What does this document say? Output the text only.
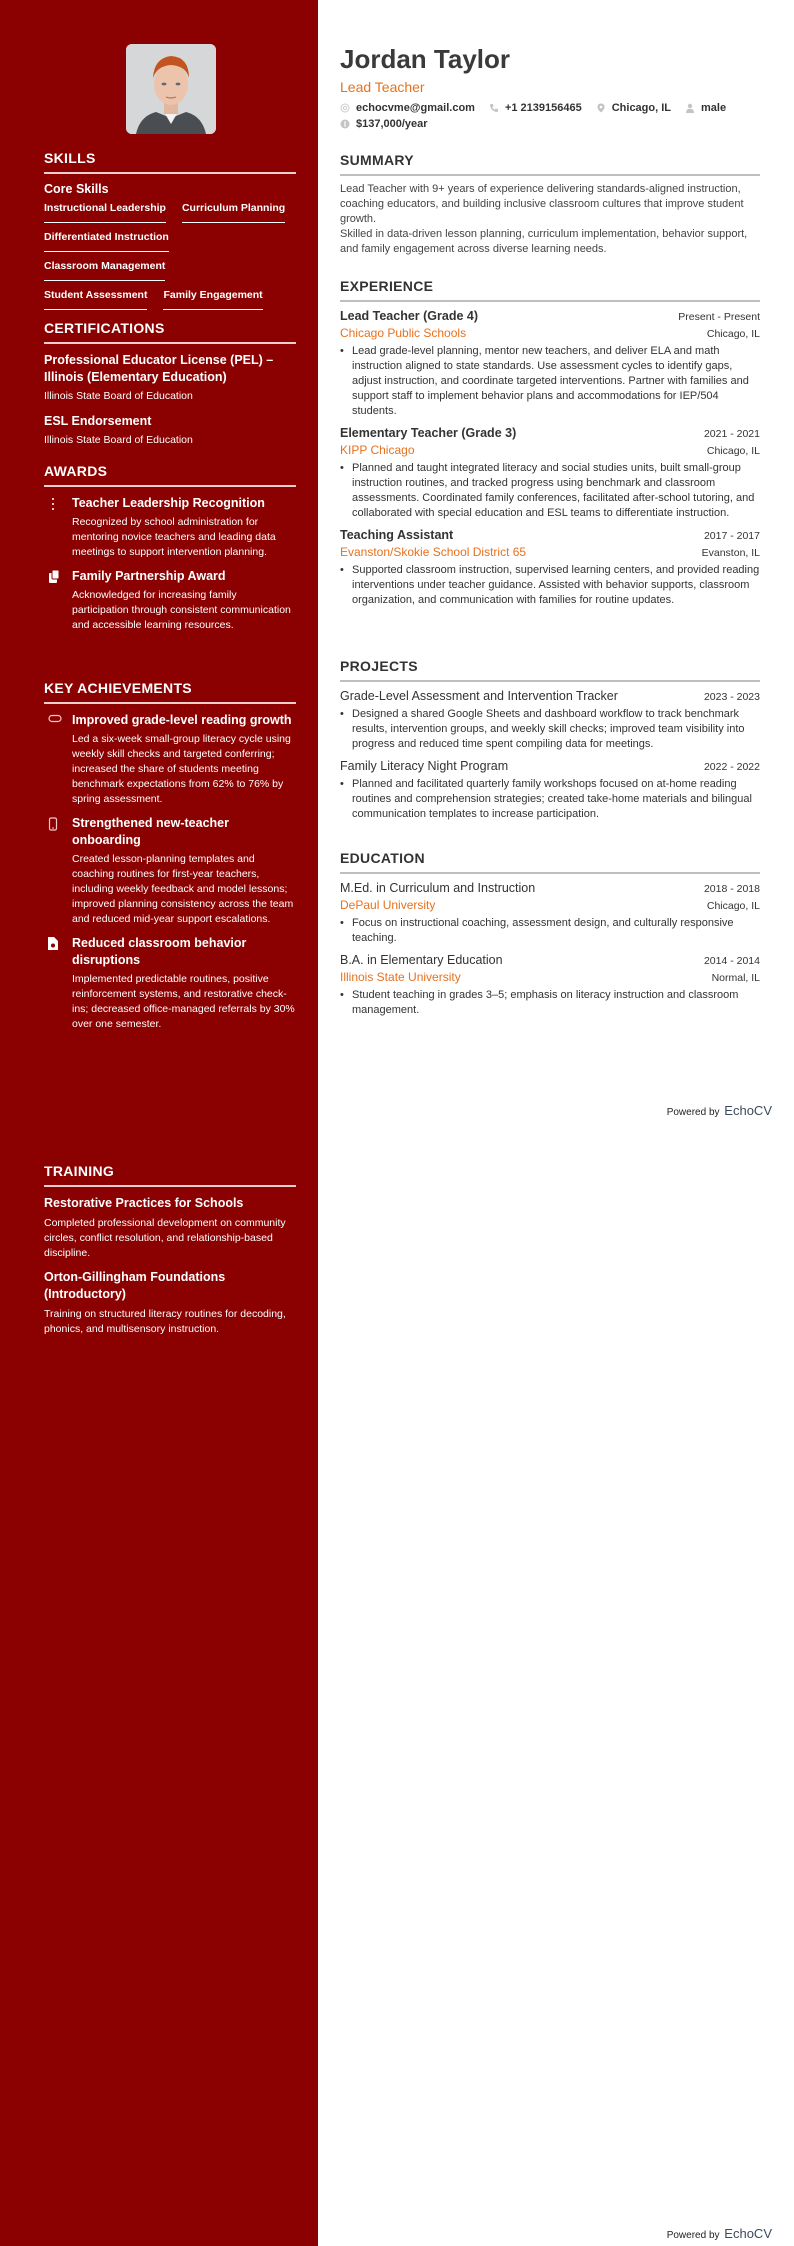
SKILLS
Core Skills
Instructional Leadership Curriculum Planning
Differentiated Instruction
Classroom Management
Student Assessment Family Engagement
CERTIFICATIONS
Professional Educator License (PEL) – Illinois (Elementary Education)
Illinois State Board of Education
ESL Endorsement
Illinois State Board of Education
AWARDS
Teacher Leadership Recognition
Recognized by school administration for mentoring novice teachers and leading data meetings to support intervention planning.
Family Partnership Award
Acknowledged for increasing family participation through consistent communication and accessible learning resources.
KEY ACHIEVEMENTS
Improved grade-level reading growth
Led a six-week small-group literacy cycle using weekly skill checks and targeted conferring; increased the share of students meeting benchmark expectations from 62% to 76% by spring assessment.
Strengthened new-teacher onboarding
Created lesson-planning templates and coaching routines for first-year teachers, including weekly feedback and model lessons; improved planning consistency across the team and reduced mid-year support escalations.
Reduced classroom behavior disruptions
Implemented predictable routines, positive reinforcement systems, and restorative check-ins; decreased office-managed referrals by 30% over one semester.
TRAINING
Restorative Practices for Schools
Completed professional development on community circles, conflict resolution, and relationship-based discipline.
Orton-Gillingham Foundations (Introductory)
Training on structured literacy routines for decoding, phonics, and multisensory instruction.
Jordan Taylor
Lead Teacher
echocvme@gmail.com	+1 2139156465	Chicago, IL	male
$137,000/year
SUMMARY

Lead Teacher with 9+ years of experience delivering standards-aligned instruction, coaching educators, and building inclusive classroom cultures that improve student growth.

Skilled in data-driven lesson planning, curriculum implementation, behavior support, and family engagement across diverse learning needs.

EXPERIENCE
Lead Teacher (Grade 4)	Present - Present
Chicago Public Schools	Chicago, IL
• Lead grade-level planning, mentor new teachers, and deliver ELA and math instruction aligned to state standards. Use assessment cycles to identify gaps, adjust instruction, and coordinate targeted interventions. Partner with families and support staff to implement behavior plans and accommodations for IEP/504 students.
Elementary Teacher (Grade 3)	2021 - 2021
KIPP Chicago	Chicago, IL
• Planned and taught integrated literacy and social studies units, built small-group instruction routines, and tracked progress using benchmark and classroom assessments. Coordinated family conferences, facilitated after-school tutoring, and collaborated with special education and ESL teams to differentiate instruction.
Teaching Assistant	2017 - 2017
Evanston/Skokie School District 65	Evanston, IL
• Supported classroom instruction, supervised learning centers, and provided reading interventions under teacher guidance. Assisted with behavior supports, classroom organization, and communication with families for routine updates.
PROJECTS
Grade-Level Assessment and Intervention Tracker	2023 - 2023
• Designed a shared Google Sheets and dashboard workflow to track benchmark results, intervention groups, and weekly skill checks; improved team visibility into progress and reduced time spent compiling data for meetings.
Family Literacy Night Program	2022 - 2022
• Planned and facilitated quarterly family workshops focused on at-home reading routines and comprehension strategies; created take-home materials and bilingual communication templates to increase participation.
EDUCATION
M.Ed. in Curriculum and Instruction	2018 - 2018
DePaul University	Chicago, IL
• Focus on instructional coaching, assessment design, and culturally responsive teaching.
B.A. in Elementary Education	2014 - 2014
Illinois State University	Normal, IL
• Student teaching in grades 3–5; emphasis on literacy instruction and classroom management.
Powered by EchoCV
Powered by EchoCV
